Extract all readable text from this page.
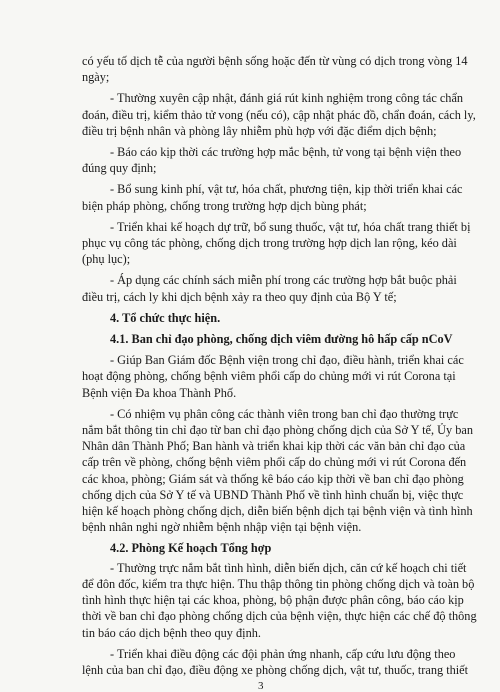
có yếu tố dịch tễ của người bệnh sống hoặc đến từ vùng có dịch trong vòng 14

ngày;

- Thường xuyên cập nhật, đánh giá rút kinh nghiệm trong công tác chẩn

đoán, điều trị, kiểm thảo tử vong (nếu có), cập nhật phác đồ, chẩn đoán, cách ly,

điều trị bệnh nhân và phòng lây nhiễm phù hợp với đặc điểm dịch bệnh;

- Báo cáo kịp thời các trường hợp mắc bệnh, tử vong tại bệnh viện theo

đúng quy định;

- Bổ sung kinh phí, vật tư, hóa chất, phương tiện, kịp thời triển khai các

biện pháp phòng, chống trong trường hợp dịch bùng phát;

- Triển khai kế hoạch dự trữ, bổ sung thuốc, vật tư, hóa chất trang thiết bị

phục vụ công tác phòng, chống dịch trong trường hợp dịch lan rộng, kéo dài

(phụ lục);

- Áp dụng các chính sách miễn phí trong các trường hợp bắt buộc phải

điều trị, cách ly khi dịch bệnh xảy ra theo quy định của Bộ Y tế;

4. Tổ chức thực hiện.

4.1. Ban chỉ đạo phòng, chống dịch viêm đường hô hấp cấp nCoV

- Giúp Ban Giám đốc Bệnh viện trong chỉ đạo, điều hành, triển khai các

hoạt động phòng, chống bệnh viêm phổi cấp do chủng mới vi rút Corona tại

Bệnh viện Đa khoa Thành Phố.

- Có nhiệm vụ phân công các thành viên trong ban chỉ đạo thường trực

nắm bắt thông tin chỉ đạo từ ban chỉ đạo phòng chống dịch của Sở Y tế, Ủy ban

Nhân dân Thành Phố; Ban hành và triển khai kịp thời các văn bản chỉ đạo của

cấp trên về phòng, chống bệnh viêm phổi cấp do chủng mới vi rút Corona đến

các khoa, phòng; Giám sát và thống kê báo cáo kịp thời về ban chỉ đạo phòng

chống dịch của Sở Y tế và UBND Thành Phố về tình hình chuẩn bị, việc thực

hiện kế hoạch phòng chống dịch, diễn biến bệnh dịch tại bệnh viện và tình hình

bệnh nhân nghi ngờ nhiễm bệnh nhập viện tại bệnh viện.

4.2. Phòng Kế hoạch Tổng hợp

- Thường trực nắm bắt tình hình, diễn biến dịch, căn cứ kế hoạch chi tiết

để đôn đốc, kiểm tra thực hiện. Thu thập thông tin phòng chống dịch và toàn bộ

tình hình thực hiện tại các khoa, phòng, bộ phận được phân công, báo cáo kịp

thời về ban chỉ đạo phòng chống dịch của bệnh viện, thực hiện các chế độ thông

tin báo cáo dịch bệnh theo quy định.

- Triển khai điều động các đội phản ứng nhanh, cấp cứu lưu động theo

lệnh của ban chỉ đạo, điều động xe phòng chống dịch, vật tư, thuốc, trang thiết

3
